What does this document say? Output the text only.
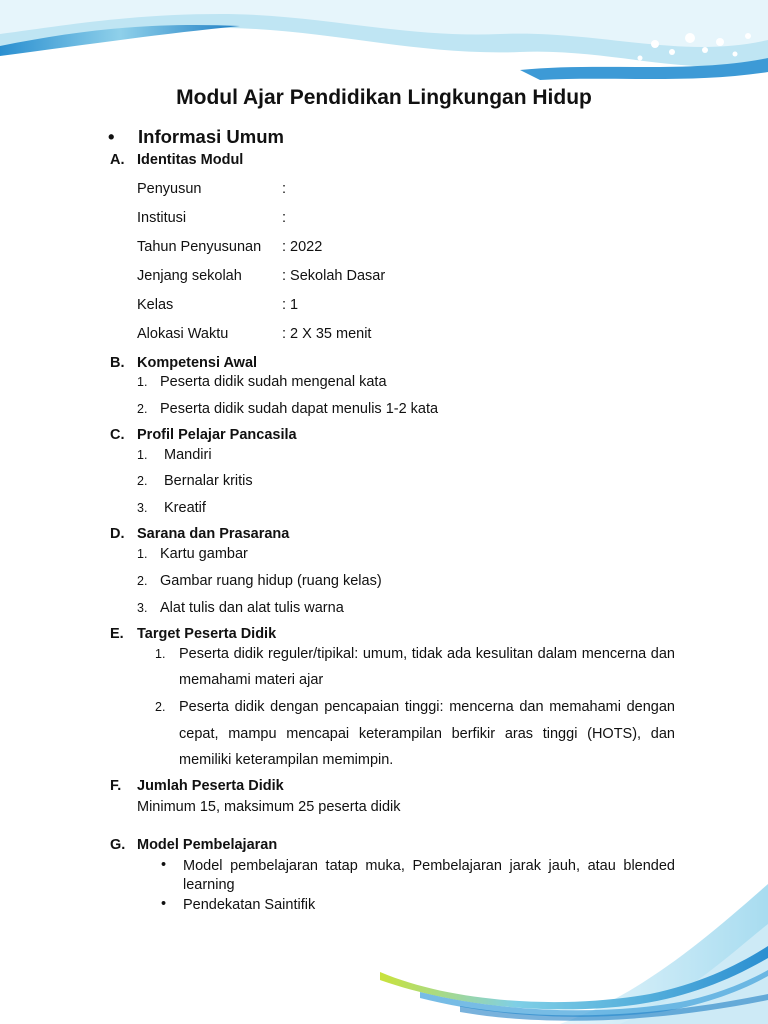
Modul Ajar Pendidikan Lingkungan Hidup
• Informasi Umum
A. Identitas Modul
Penyusun	:
Institusi	:
Tahun Penyusunan : 2022
Jenjang sekolah	: Sekolah Dasar
Kelas	: 1
Alokasi Waktu	: 2 X 35 menit
B. Kompetensi Awal
1. Peserta didik sudah mengenal kata
2. Peserta didik sudah dapat menulis 1-2 kata
C. Profil Pelajar Pancasila
1. Mandiri
2. Bernalar kritis
3. Kreatif
D. Sarana dan Prasarana
1. Kartu gambar
2. Gambar ruang hidup (ruang kelas)
3. Alat tulis dan alat tulis warna
E. Target Peserta Didik
1. Peserta didik reguler/tipikal: umum, tidak ada kesulitan dalam mencerna dan
memahami materi ajar
2. Peserta didik dengan pencapaian tinggi: mencerna dan memahami dengan
cepat, mampu mencapai keterampilan berfikir aras tinggi (HOTS), dan
memiliki keterampilan memimpin.
F. Jumlah Peserta Didik
Minimum 15, maksimum 25 peserta didik
G. Model Pembelajaran
• Model pembelajaran tatap muka, Pembelajaran jarak jauh, atau blended learning
• Pendekatan Saintifik
